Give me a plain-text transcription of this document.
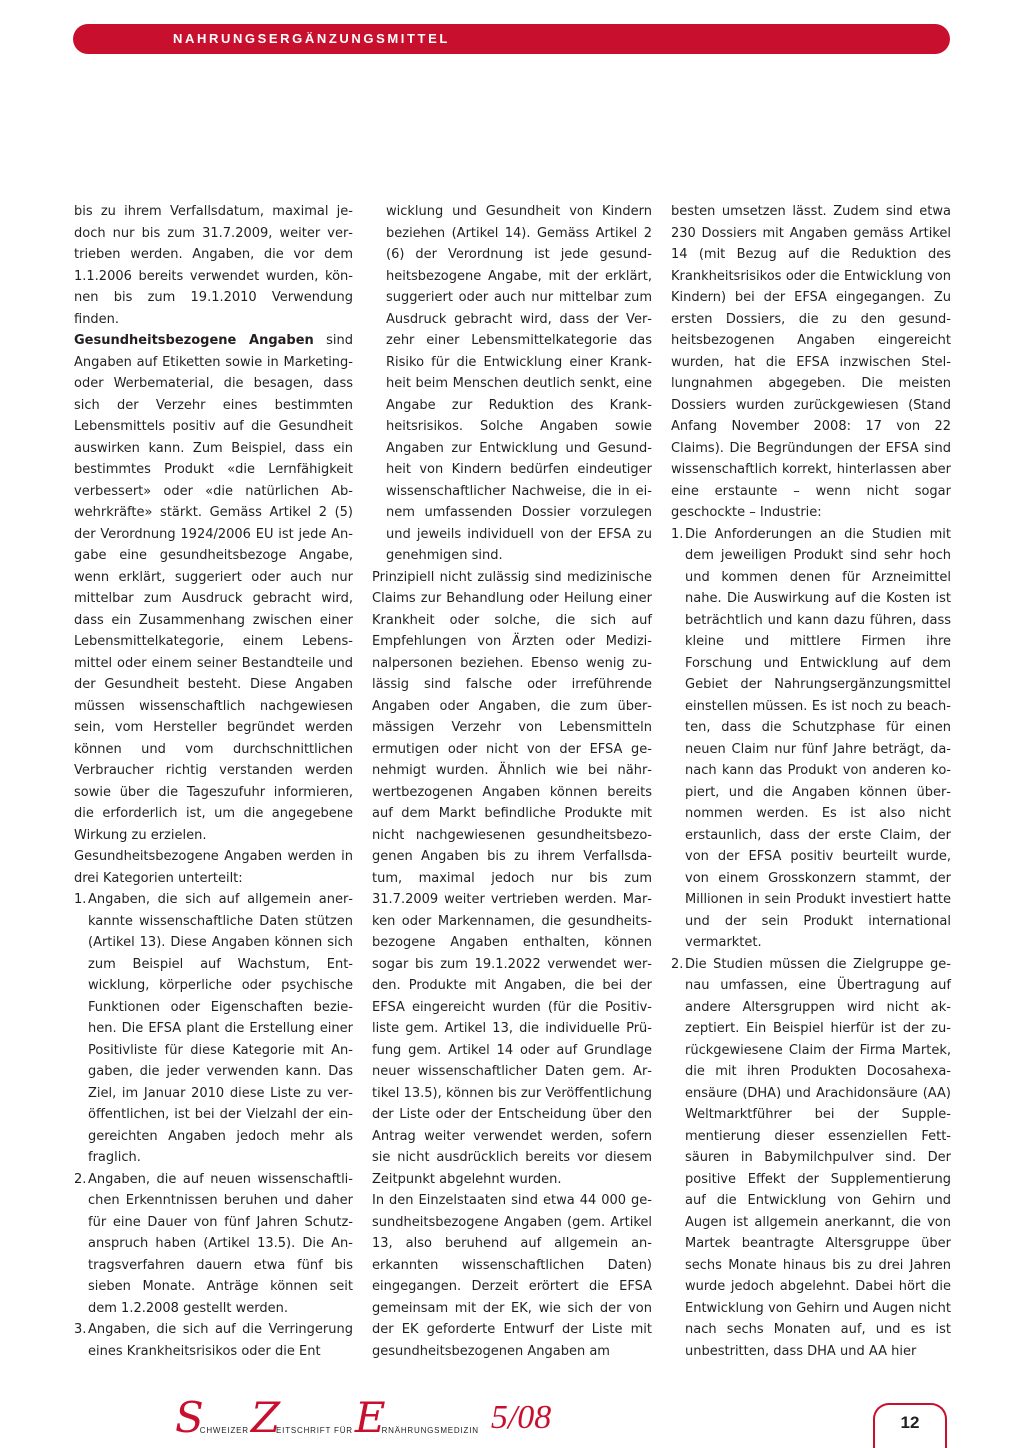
NAHRUNGSERGÄNZUNGSMITTEL

bis zu ihrem Verfallsdatum, maximal jedoch nur bis zum 31.7.2009, weiter vertrieben werden. Angaben, die vor dem 1.1.2006 bereits verwendet wurden, können bis zum 19.1.2010 Verwendung finden.

Gesundheitsbezogene Angaben sind Angaben auf Etiketten sowie in Marketing- oder Werbematerial, die besagen, dass sich der Verzehr eines bestimmten Lebensmittels positiv auf die Gesundheit auswirken kann. Zum Beispiel, dass ein bestimmtes Produkt «die Lernfähigkeit verbessert» oder «die natürlichen Abwehrkräfte» stärkt. Gemäss Artikel 2 (5) der Verordnung 1924/2006 EU ist jede Angabe eine gesundheitsbezoge Angabe, wenn erklärt, suggeriert oder auch nur mittelbar zum Ausdruck gebracht wird, dass ein Zusammenhang zwischen einer Lebensmittelkategorie, einem Lebensmittel oder einem seiner Bestandteile und der Gesundheit besteht. Diese Angaben müssen wissenschaftlich nachgewiesen sein, vom Hersteller begründet werden können und vom durchschnittlichen Verbraucher richtig verstanden werden sowie über die Tageszufuhr informieren, die erforderlich ist, um die angegebene Wirkung zu erzielen.

Gesundheitsbezogene Angaben werden in drei Kategorien unterteilt:

1. Angaben, die sich auf allgemein anerkannte wissenschaftliche Daten stützen (Artikel 13). Diese Angaben können sich zum Beispiel auf Wachstum, Entwicklung, körperliche oder psychische Funktionen oder Eigenschaften beziehen. Die EFSA plant die Erstellung einer Positivliste für diese Kategorie mit Angaben, die jeder verwenden kann. Das Ziel, im Januar 2010 diese Liste zu veröffentlichen, ist bei der Vielzahl der eingereichten Angaben jedoch mehr als fraglich.
2. Angaben, die auf neuen wissenschaftlichen Erkenntnissen beruhen und daher für eine Dauer von fünf Jahren Schutzanspruch haben (Artikel 13.5). Die Antragsverfahren dauern etwa fünf bis sieben Monate. Anträge können seit dem 1.2.2008 gestellt werden.
3. Angaben, die sich auf die Verringerung eines Krankheitsrisikos oder die Ent

wicklung und Gesundheit von Kindern beziehen (Artikel 14). Gemäss Artikel 2 (6) der Verordnung ist jede gesundheitsbezogene Angabe, mit der erklärt, suggeriert oder auch nur mittelbar zum Ausdruck gebracht wird, dass der Verzehr einer Lebensmittelkategorie das Risiko für die Entwicklung einer Krankheit beim Menschen deutlich senkt, eine Angabe zur Reduktion des Krankheitsrisikos. Solche Angaben sowie Angaben zur Entwicklung und Gesundheit von Kindern bedürfen eindeutiger wissenschaftlicher Nachweise, die in einem umfassenden Dossier vorzulegen und jeweils individuell von der EFSA zu genehmigen sind.

Prinzipiell nicht zulässig sind medizinische Claims zur Behandlung oder Heilung einer Krankheit oder solche, die sich auf Empfehlungen von Ärzten oder Medizinalpersonen beziehen. Ebenso wenig zulässig sind falsche oder irreführende Angaben oder Angaben, die zum übermässigen Verzehr von Lebensmitteln ermutigen oder nicht von der EFSA genehmigt wurden. Ähnlich wie bei nährwertbezogenen Angaben können bereits auf dem Markt befindliche Produkte mit nicht nachgewiesenen gesundheitsbezogenen Angaben bis zu ihrem Verfallsdatum, maximal jedoch nur bis zum 31.7.2009 weiter vertrieben werden. Marken oder Markennamen, die gesundheitsbezogene Angaben enthalten, können sogar bis zum 19.1.2022 verwendet werden. Produkte mit Angaben, die bei der EFSA eingereicht wurden (für die Positivliste gem. Artikel 13, die individuelle Prüfung gem. Artikel 14 oder auf Grundlage neuer wissenschaftlicher Daten gem. Artikel 13.5), können bis zur Veröffentlichung der Liste oder der Entscheidung über den Antrag weiter verwendet werden, sofern sie nicht ausdrücklich bereits vor diesem Zeitpunkt abgelehnt wurden.

In den Einzelstaaten sind etwa 44 000 gesundheitsbezogene Angaben (gem. Artikel 13, also beruhend auf allgemein anerkannten wissenschaftlichen Daten) eingegangen. Derzeit erörtert die EFSA gemeinsam mit der EK, wie sich der von der EK geforderte Entwurf der Liste mit gesundheitsbezogenen Angaben am

besten umsetzen lässt. Zudem sind etwa 230 Dossiers mit Angaben gemäss Artikel 14 (mit Bezug auf die Reduktion des Krankheitsrisikos oder die Entwicklung von Kindern) bei der EFSA eingegangen. Zu ersten Dossiers, die zu den gesundheitsbezogenen Angaben eingereicht wurden, hat die EFSA inzwischen Stellungnahmen abgegeben. Die meisten Dossiers wurden zurückgewiesen (Stand Anfang November 2008: 17 von 22 Claims). Die Begründungen der EFSA sind wissenschaftlich korrekt, hinterlassen aber eine erstaunte – wenn nicht sogar geschockte – Industrie:

1. Die Anforderungen an die Studien mit dem jeweiligen Produkt sind sehr hoch und kommen denen für Arzneimittel nahe. Die Auswirkung auf die Kosten ist beträchtlich und kann dazu führen, dass kleine und mittlere Firmen ihre Forschung und Entwicklung auf dem Gebiet der Nahrungsergänzungsmittel einstellen müssen. Es ist noch zu beachten, dass die Schutzphase für einen neuen Claim nur fünf Jahre beträgt, danach kann das Produkt von anderen kopiert, und die Angaben können übernommen werden. Es ist also nicht erstaunlich, dass der erste Claim, der von der EFSA positiv beurteilt wurde, von einem Grosskonzern stammt, der Millionen in sein Produkt investiert hatte und der sein Produkt international vermarktet.
2. Die Studien müssen die Zielgruppe genau umfassen, eine Übertragung auf andere Altersgruppen wird nicht akzeptiert. Ein Beispiel hierfür ist der zurückgewiesene Claim der Firma Martek, die mit ihren Produkten Docosahexaensäure (DHA) und Arachidonsäure (AA) Weltmarktführer bei der Supplementierung dieser essenziellen Fettsäuren in Babymilchpulver sind. Der positive Effekt der Supplementierung auf die Entwicklung von Gehirn und Augen ist allgemein anerkannt, die von Martek beantragte Altersgruppe über sechs Monate hinaus bis zu drei Jahren wurde jedoch abgelehnt. Dabei hört die Entwicklung von Gehirn und Augen nicht nach sechs Monaten auf, und es ist unbestritten, dass DHA und AA hier
$S^{CHWEIZER}Z^{EITSCHRIFT FÜR}E^{RNÄHRUNGSMEDIZIN}$ 5/08	12
